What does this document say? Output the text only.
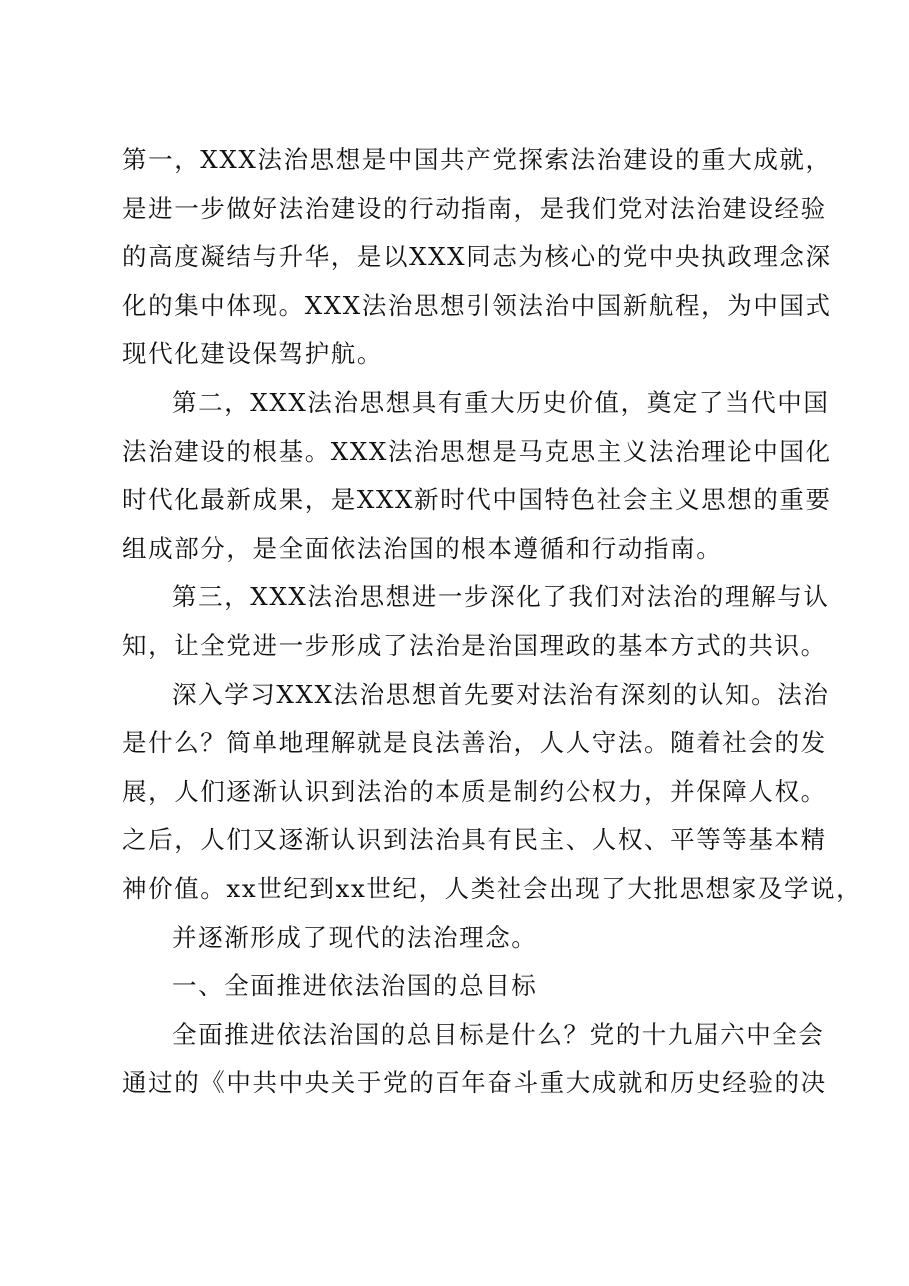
第一，XXX法治思想是中国共产党探索法治建设的重大成就，
是进一步做好法治建设的行动指南，是我们党对法治建设经验
的高度凝结与升华，是以XXX同志为核心的党中央执政理念深
化的集中体现。XXX法治思想引领法治中国新航程，为中国式
现代化建设保驾护航。
第二，XXX法治思想具有重大历史价值，奠定了当代中国
法治建设的根基。XXX法治思想是马克思主义法治理论中国化
时代化最新成果，是XXX新时代中国特色社会主义思想的重要
组成部分，是全面依法治国的根本遵循和行动指南。
第三，XXX法治思想进一步深化了我们对法治的理解与认
知，让全党进一步形成了法治是治国理政的基本方式的共识。
深入学习XXX法治思想首先要对法治有深刻的认知。法治
是什么？简单地理解就是良法善治，人人守法。随着社会的发
展，人们逐渐认识到法治的本质是制约公权力，并保障人权。
之后，人们又逐渐认识到法治具有民主、人权、平等等基本精
神价值。xx世纪到xx世纪，人类社会出现了大批思想家及学说，
并逐渐形成了现代的法治理念。
一、全面推进依法治国的总目标
全面推进依法治国的总目标是什么？党的十九届六中全会
通过的《中共中央关于党的百年奋斗重大成就和历史经验的决
